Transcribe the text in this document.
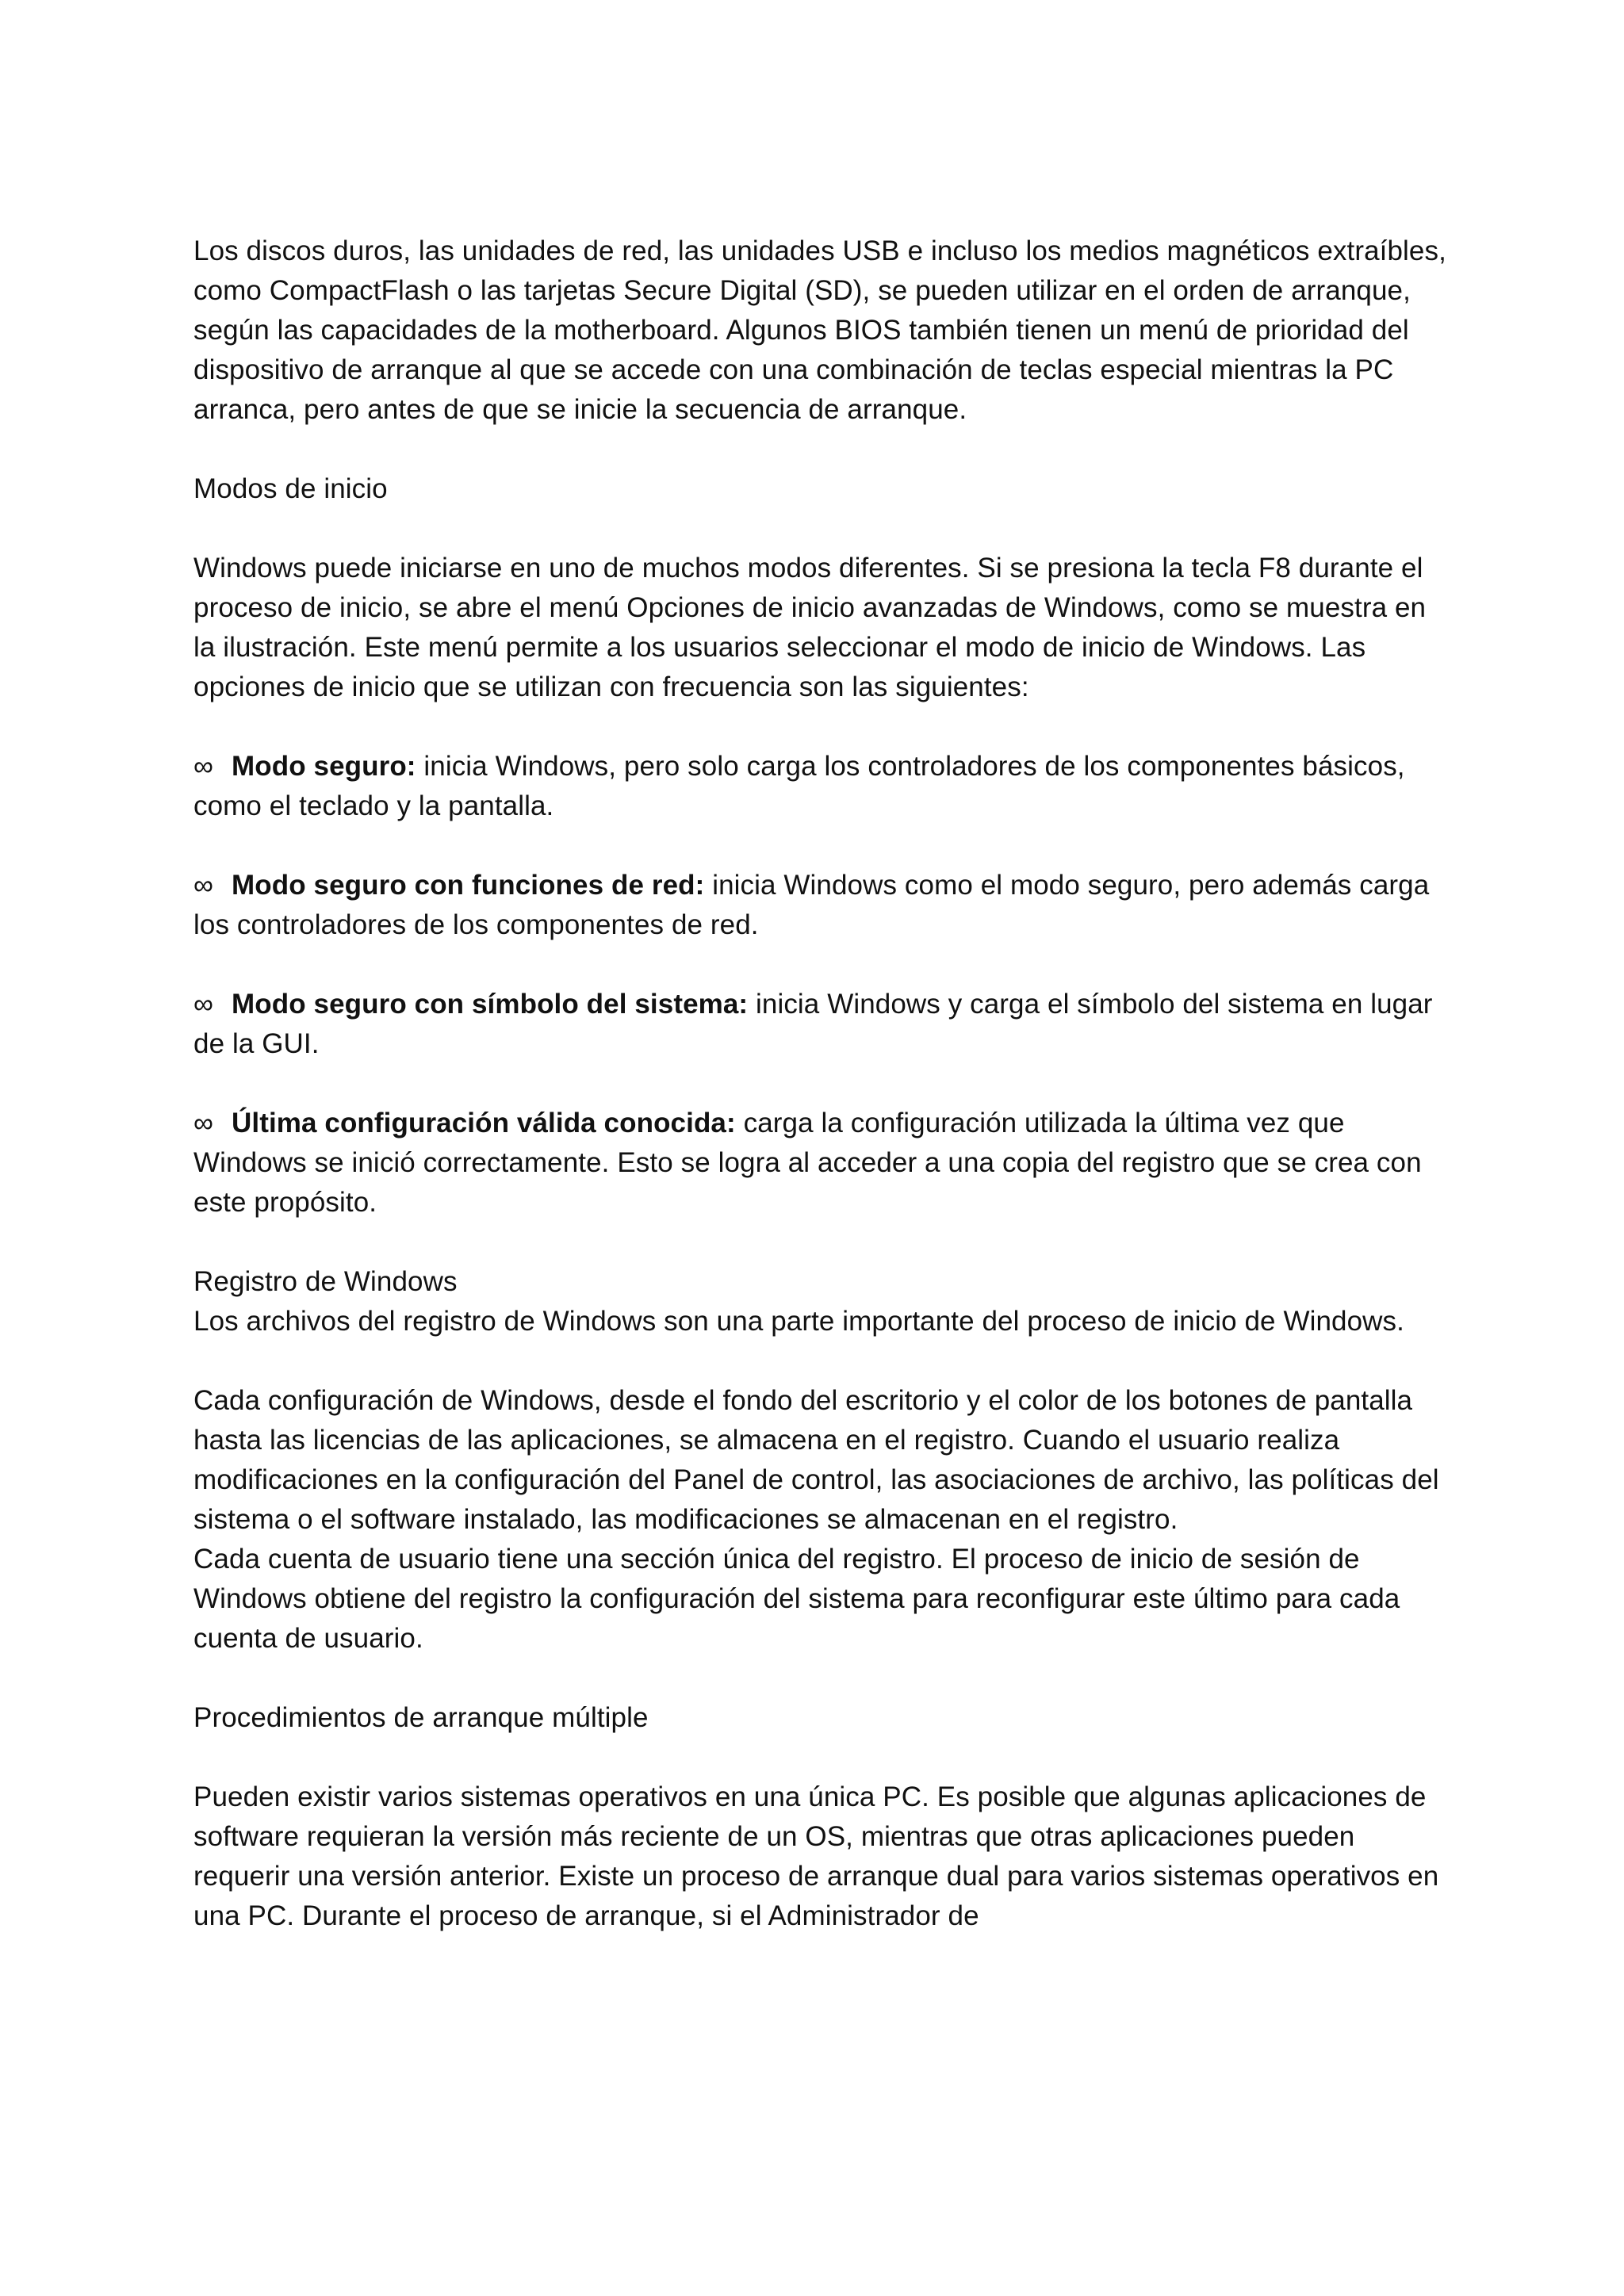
Los discos duros, las unidades de red, las unidades USB e incluso los medios magnéticos extraíbles, como CompactFlash o las tarjetas Secure Digital (SD), se pueden utilizar en el orden de arranque, según las capacidades de la motherboard. Algunos BIOS también tienen un menú de prioridad del dispositivo de arranque al que se accede con una combinación de teclas especial mientras la PC arranca, pero antes de que se inicie la secuencia de arranque.

Modos de inicio

Windows puede iniciarse en uno de muchos modos diferentes. Si se presiona la tecla F8 durante el proceso de inicio, se abre el menú Opciones de inicio avanzadas de Windows, como se muestra en la ilustración. Este menú permite a los usuarios seleccionar el modo de inicio de Windows. Las opciones de inicio que se utilizan con frecuencia son las siguientes:

∞ Modo seguro: inicia Windows, pero solo carga los controladores de los componentes básicos, como el teclado y la pantalla.

∞ Modo seguro con funciones de red: inicia Windows como el modo seguro, pero además carga los controladores de los componentes de red.

∞ Modo seguro con símbolo del sistema: inicia Windows y carga el símbolo del sistema en lugar de la GUI.

∞ Última configuración válida conocida: carga la configuración utilizada la última vez que Windows se inició correctamente. Esto se logra al acceder a una copia del registro que se crea con este propósito.

Registro de Windows

Los archivos del registro de Windows son una parte importante del proceso de inicio de Windows.

Cada configuración de Windows, desde el fondo del escritorio y el color de los botones de pantalla hasta las licencias de las aplicaciones, se almacena en el registro. Cuando el usuario realiza modificaciones en la configuración del Panel de control, las asociaciones de archivo, las políticas del sistema o el software instalado, las modificaciones se almacenan en el registro.

Cada cuenta de usuario tiene una sección única del registro. El proceso de inicio de sesión de Windows obtiene del registro la configuración del sistema para reconfigurar este último para cada cuenta de usuario.

Procedimientos de arranque múltiple

Pueden existir varios sistemas operativos en una única PC. Es posible que algunas aplicaciones de software requieran la versión más reciente de un OS, mientras que otras aplicaciones pueden requerir una versión anterior. Existe un proceso de arranque dual para varios sistemas operativos en una PC. Durante el proceso de arranque, si el Administrador de
